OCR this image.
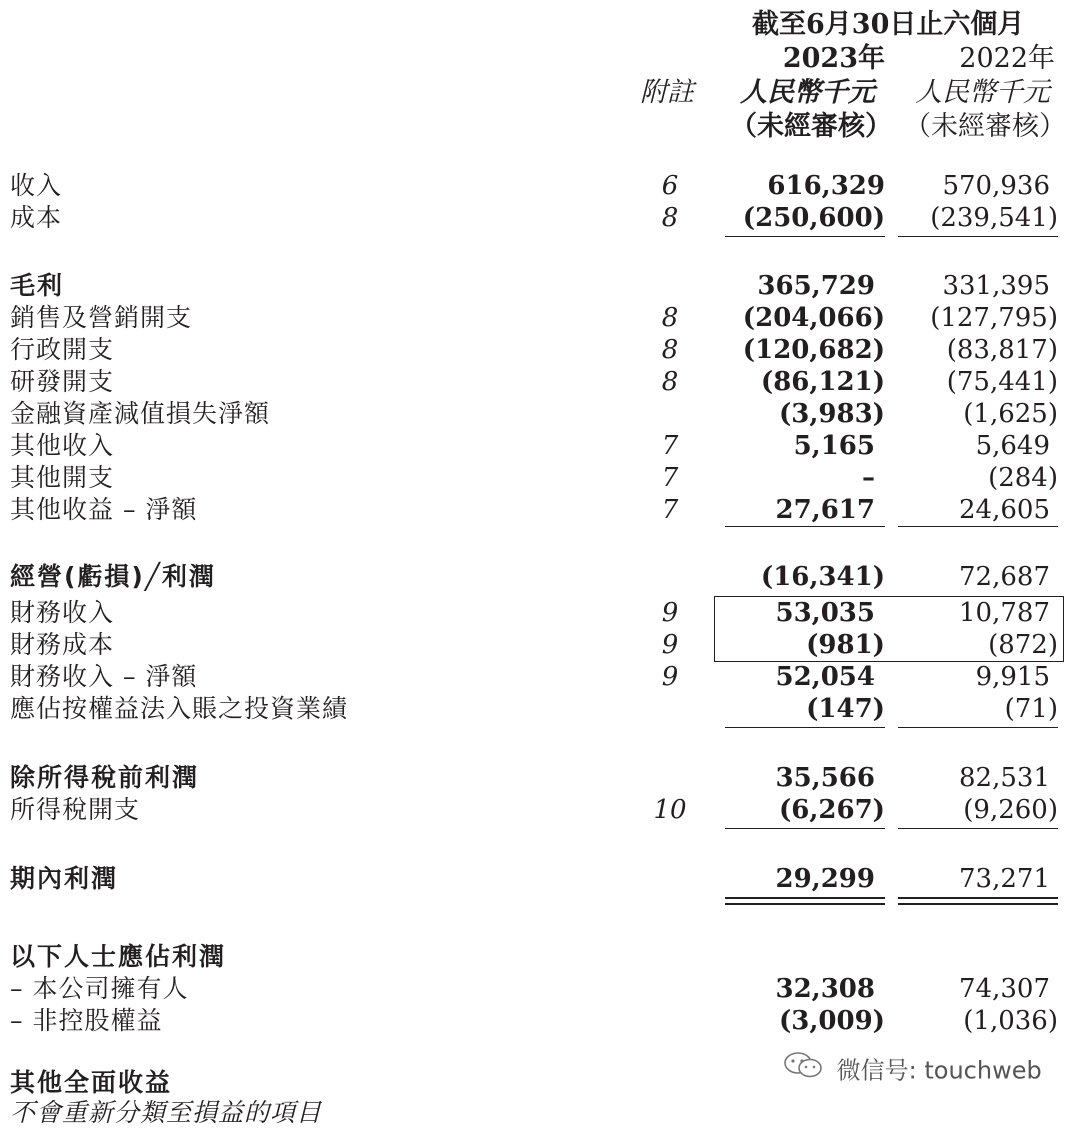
截至6月30日止六個月
2023年	2022年
附註 人民幣千元 人民幣千元
（未經審核） （未經審核）
收入	6	616,329 570,936
成本	8	(250,600) (239,541)
毛利	365,729	331,395
銷售及營銷開支	8	(204,066) (127,795)
行政開支	8	(120,682) (83,817)
研發開支	8	(86,121) (75,441)
金融資產減值損失淨額	(3,983)	(1,625)
其他收入	7	5,165	5,649
其他開支	7	–	(284)
其他收益 – 淨額	7	27,617	24,605
經營(虧損)╱利潤	(16,341)	72,687
財務收入	9	53,035	10,787
財務成本	9	(981)	(872)
財務收入 – 淨額	9	52,054	9,915
應佔按權益法入賬之投資業績	(147)	(71)
除所得稅前利潤	35,566	82,531
所得稅開支	10	(6,267)	(9,260)
期內利潤	29,299	73,271
以下人士應佔利潤
– 本公司擁有人	32,308	74,307
– 非控股權益	(3,009)	(1,036)
其他全面收益
不會重新分類至損益的項目
微信号: touchweb
